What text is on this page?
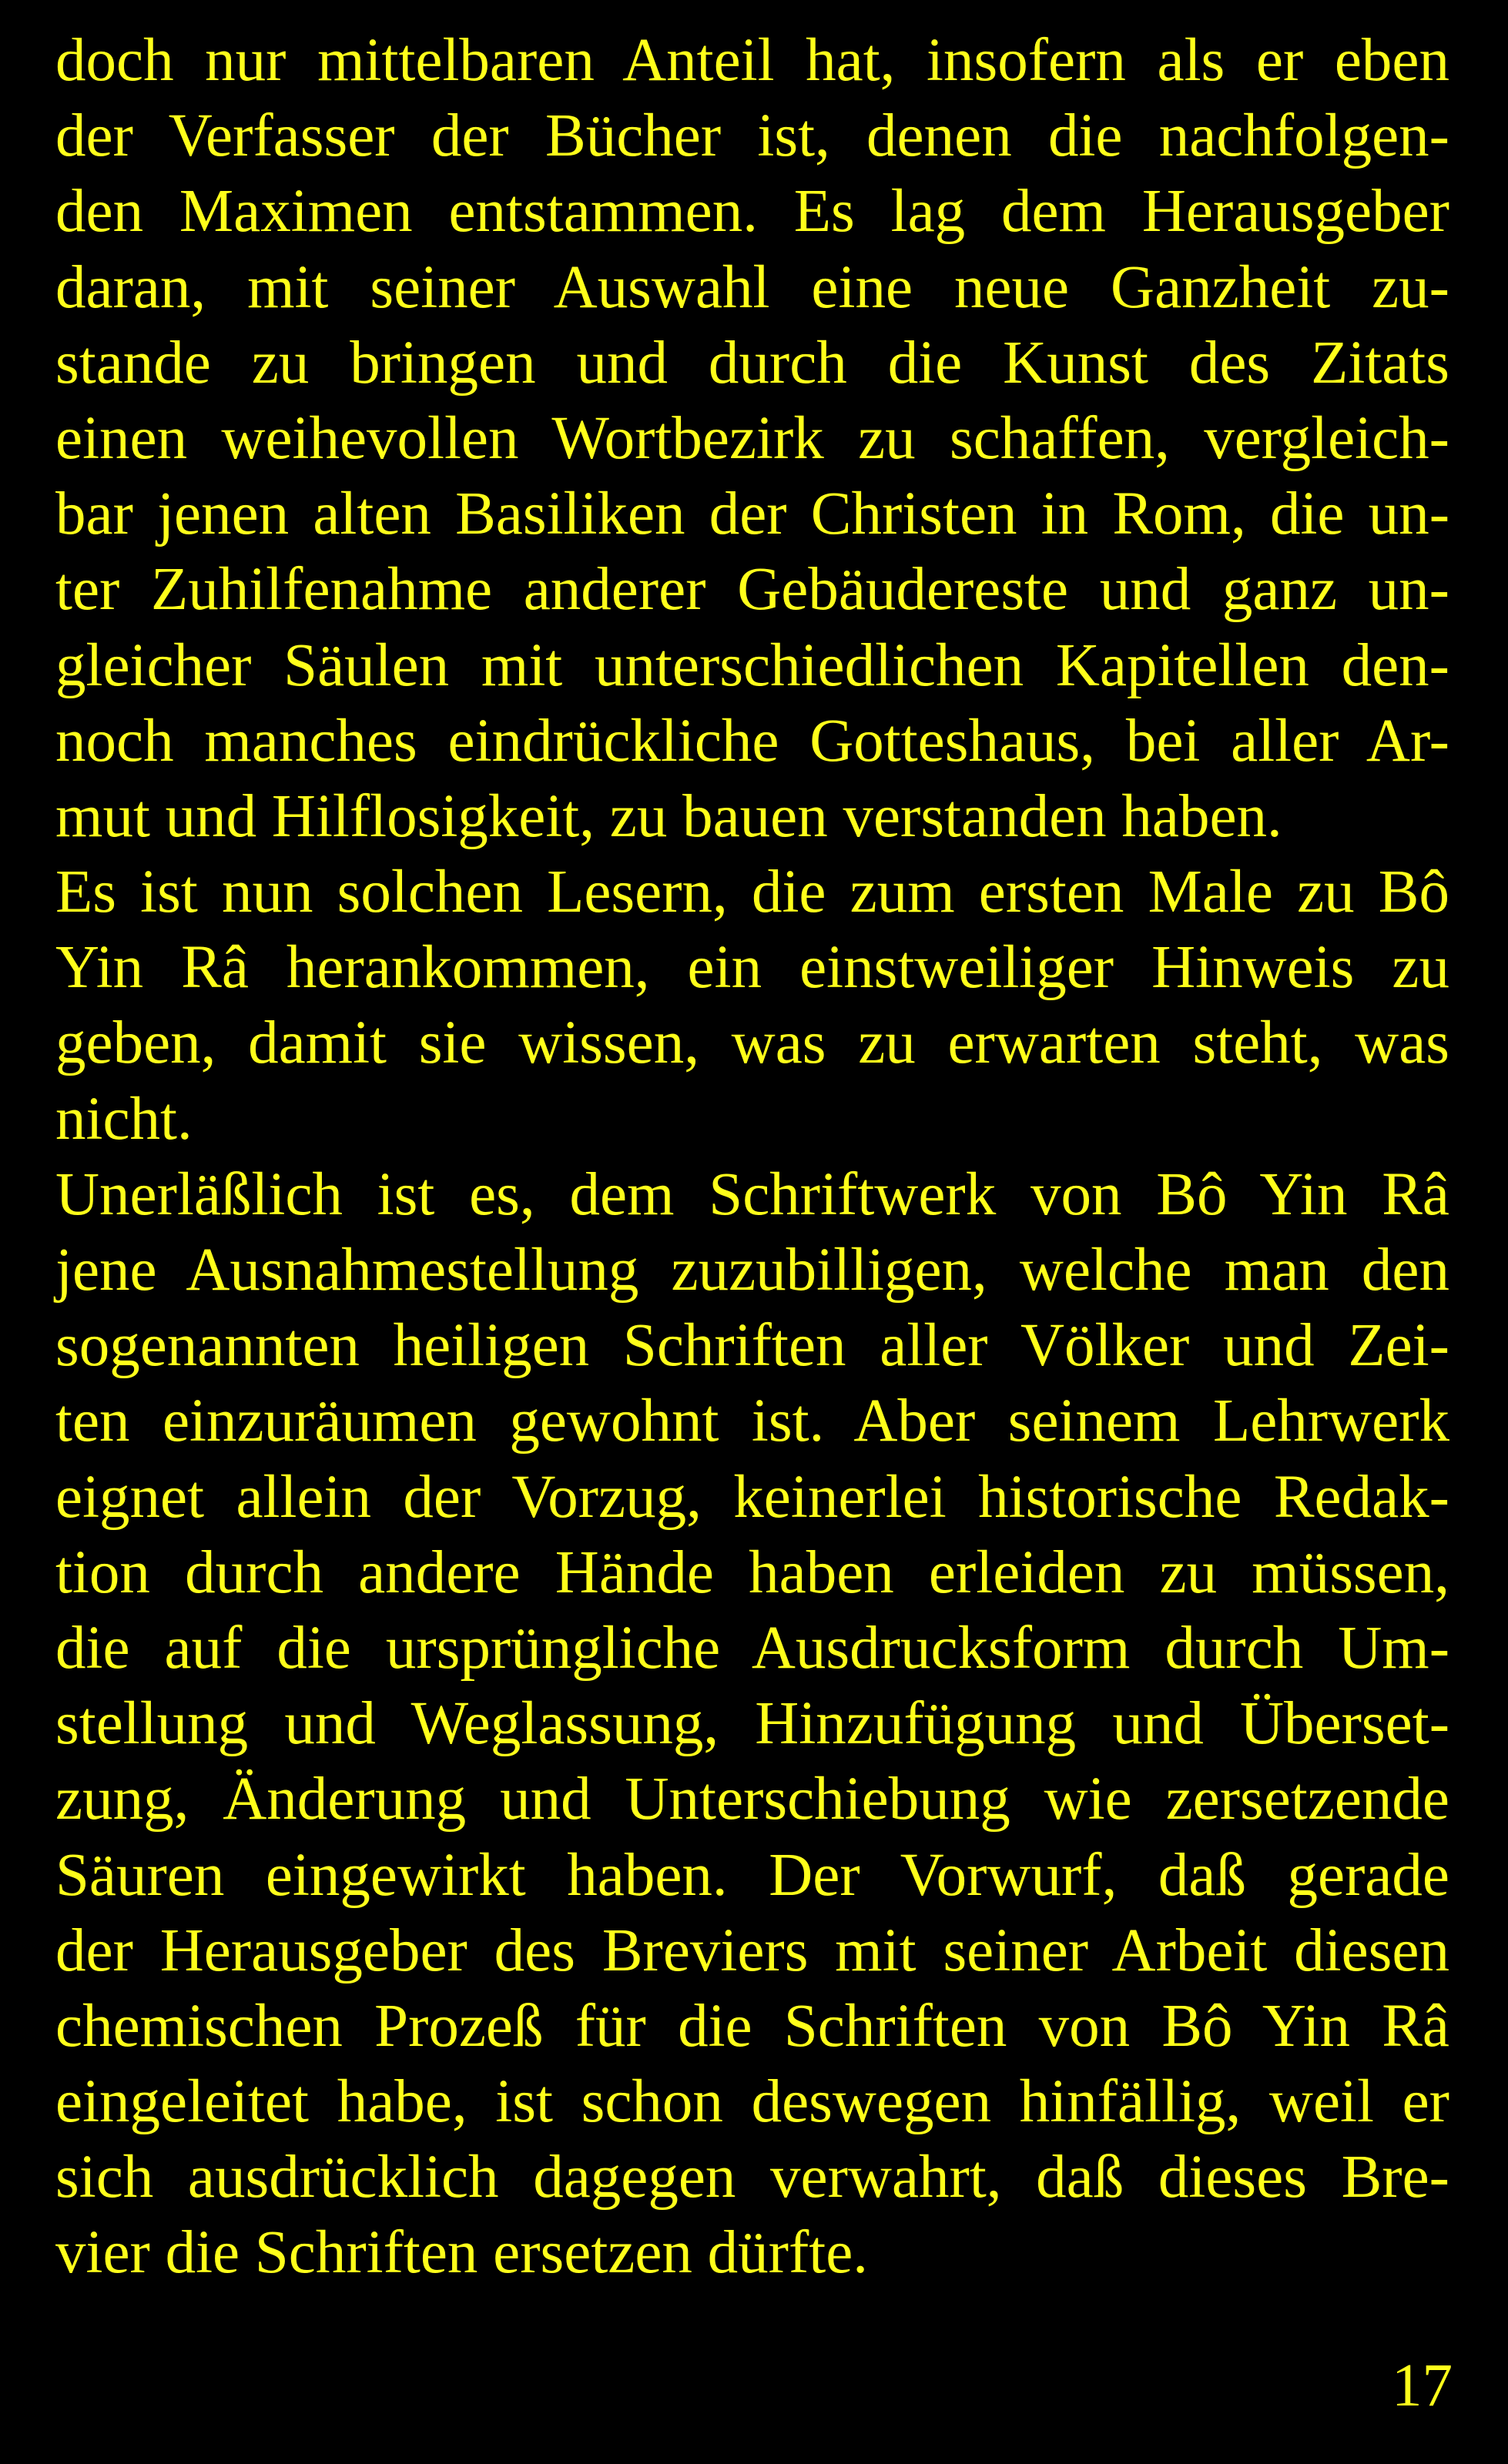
doch nur mittelbaren Anteil hat, insofern als er eben
der Verfasser der Bücher ist, denen die nachfolgen-
den Maximen entstammen. Es lag dem Herausgeber
daran, mit seiner Auswahl eine neue Ganzheit zu-
stande zu bringen und durch die Kunst des Zitats
einen weihevollen Wortbezirk zu schaffen, vergleich-
bar jenen alten Basiliken der Christen in Rom, die un-
ter Zuhilfenahme anderer Gebäudereste und ganz un-
gleicher Säulen mit unterschiedlichen Kapitellen den-
noch manches eindrückliche Gotteshaus, bei aller Ar-
mut und Hilflosigkeit, zu bauen verstanden haben.
Es ist nun solchen Lesern, die zum ersten Male zu Bô
Yin Râ herankommen, ein einstweiliger Hinweis zu
geben, damit sie wissen, was zu erwarten steht, was
nicht.
Unerläßlich ist es, dem Schriftwerk von Bô Yin Râ
jene Ausnahmestellung zuzubilligen, welche man den
sogenannten heiligen Schriften aller Völker und Zei-
ten einzuräumen gewohnt ist. Aber seinem Lehrwerk
eignet allein der Vorzug, keinerlei historische Redak-
tion durch andere Hände haben erleiden zu müssen,
die auf die ursprüngliche Ausdrucksform durch Um-
stellung und Weglassung, Hinzufügung und Überset-
zung, Änderung und Unterschiebung wie zersetzende
Säuren eingewirkt haben. Der Vorwurf, daß gerade
der Herausgeber des Breviers mit seiner Arbeit diesen
chemischen Prozeß für die Schriften von Bô Yin Râ
eingeleitet habe, ist schon deswegen hinfällig, weil er
sich ausdrücklich dagegen verwahrt, daß dieses Bre-
vier die Schriften ersetzen dürfte.
17
